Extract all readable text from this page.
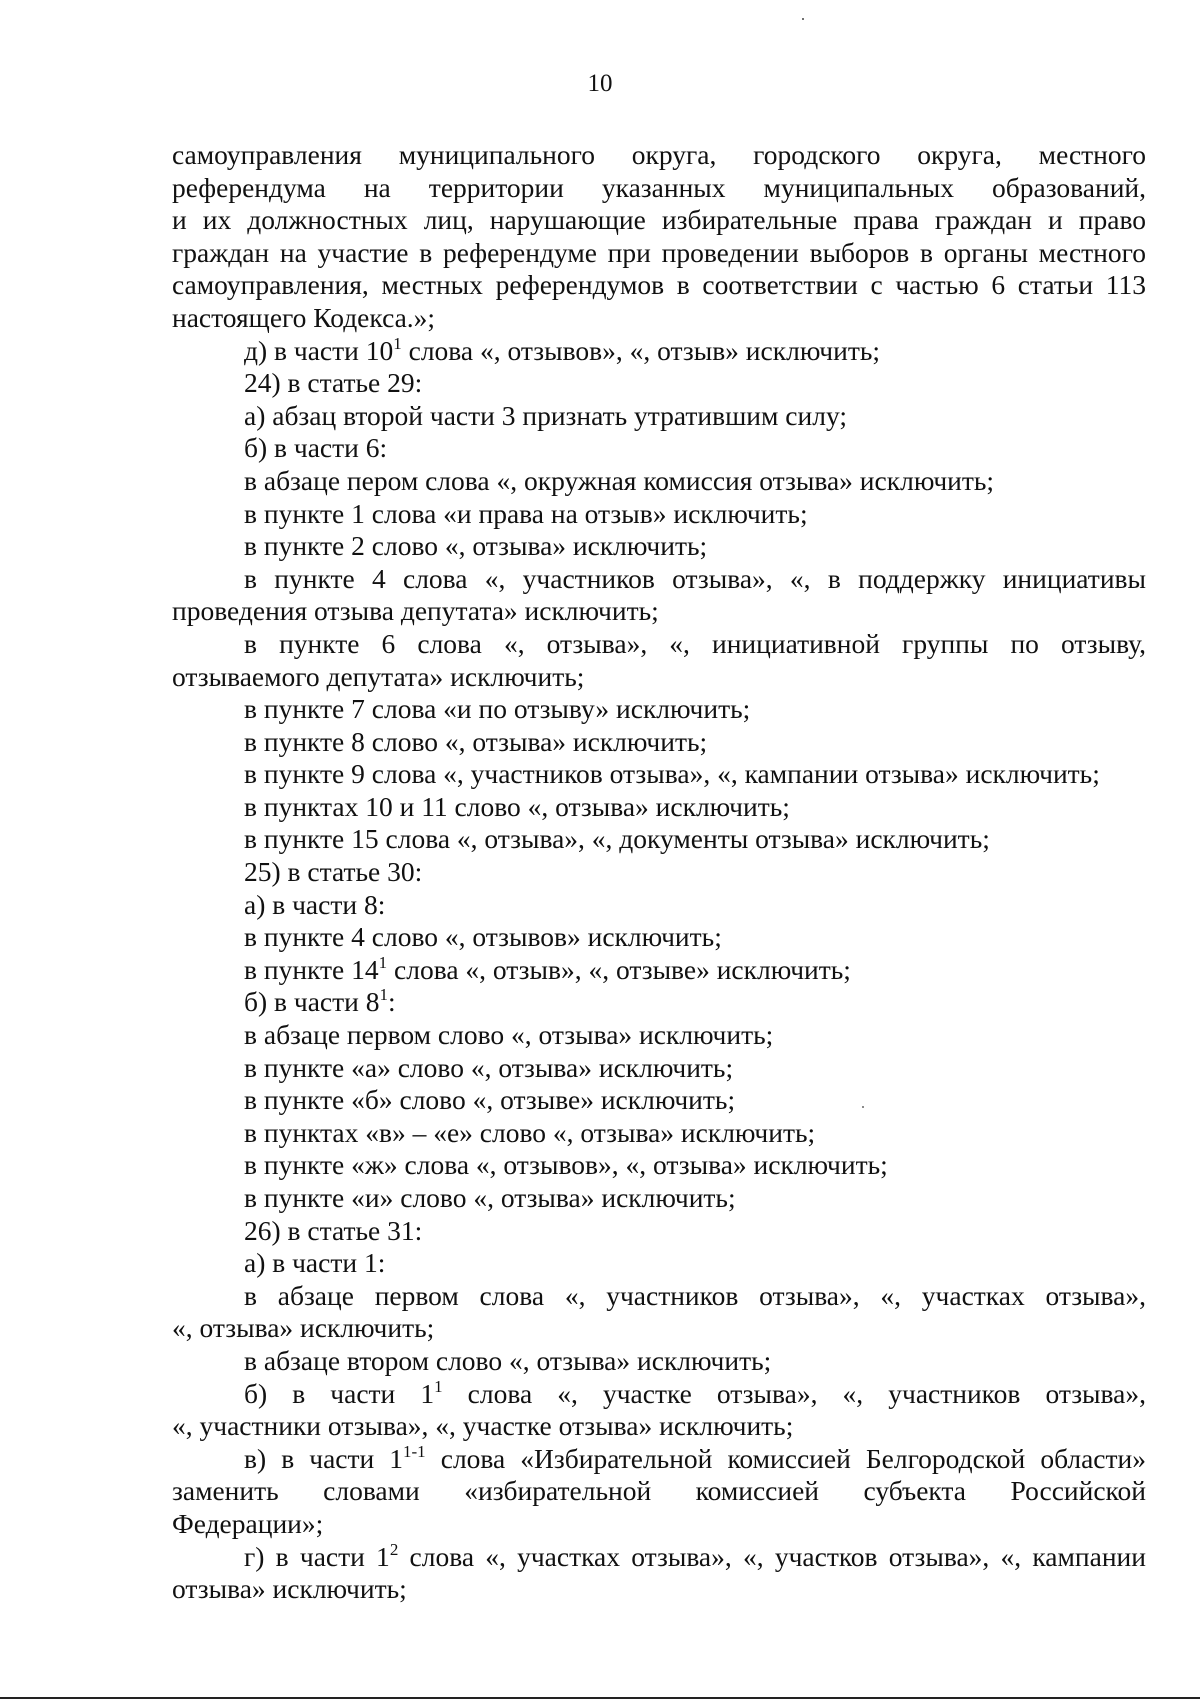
10
самоуправления муниципального округа, городского округа, местного
референдума на территории указанных муниципальных образований,
и их должностных лиц, нарушающие избирательные права граждан и право
граждан на участие в референдуме при проведении выборов в органы местного
самоуправления, местных референдумов в соответствии с частью 6 статьи 113
настоящего Кодекса.»;
д) в части $10^1$ слова «, отзывов», «, отзыв» исключить;
24) в статье 29:
а) абзац второй части 3 признать утратившим силу;
б) в части 6:
в абзаце пером слова «, окружная комиссия отзыва» исключить;
в пункте 1 слова «и права на отзыв» исключить;
в пункте 2 слово «, отзыва» исключить;
в пункте 4 слова «, участников отзыва», «, в поддержку инициативы
проведения отзыва депутата» исключить;
в пункте 6 слова «, отзыва», «, инициативной группы по отзыву,
отзываемого депутата» исключить;
в пункте 7 слова «и по отзыву» исключить;
в пункте 8 слово «, отзыва» исключить;
в пункте 9 слова «, участников отзыва», «, кампании отзыва» исключить;
в пунктах 10 и 11 слово «, отзыва» исключить;
в пункте 15 слова «, отзыва», «, документы отзыва» исключить;
25) в статье 30:
а) в части 8:
в пункте 4 слово «, отзывов» исключить;
в пункте $14^1$ слова «, отзыв», «, отзыве» исключить;
б) в части $8^1$:
в абзаце первом слово «, отзыва» исключить;
в пункте «а» слово «, отзыва» исключить;
в пункте «б» слово «, отзыве» исключить;
в пунктах «в» – «е» слово «, отзыва» исключить;
в пункте «ж» слова «, отзывов», «, отзыва» исключить;
в пункте «и» слово «, отзыва» исключить;
26) в статье 31:
а) в части 1:
в абзаце первом слова «, участников отзыва», «, участках отзыва»,
«, отзыва» исключить;
в абзаце втором слово «, отзыва» исключить;
б) в части $1^1$ слова «, участке отзыва», «, участников отзыва»,
«, участники отзыва», «, участке отзыва» исключить;
в) в части 1$^{1-1}$ слова «Избирательной комиссией Белгородской области»
заменить словами «избирательной комиссией субъекта Российской
Федерации»;
г) в части $1^2$ слова «, участках отзыва», «, участков отзыва», «, кампании
отзыва» исключить;
